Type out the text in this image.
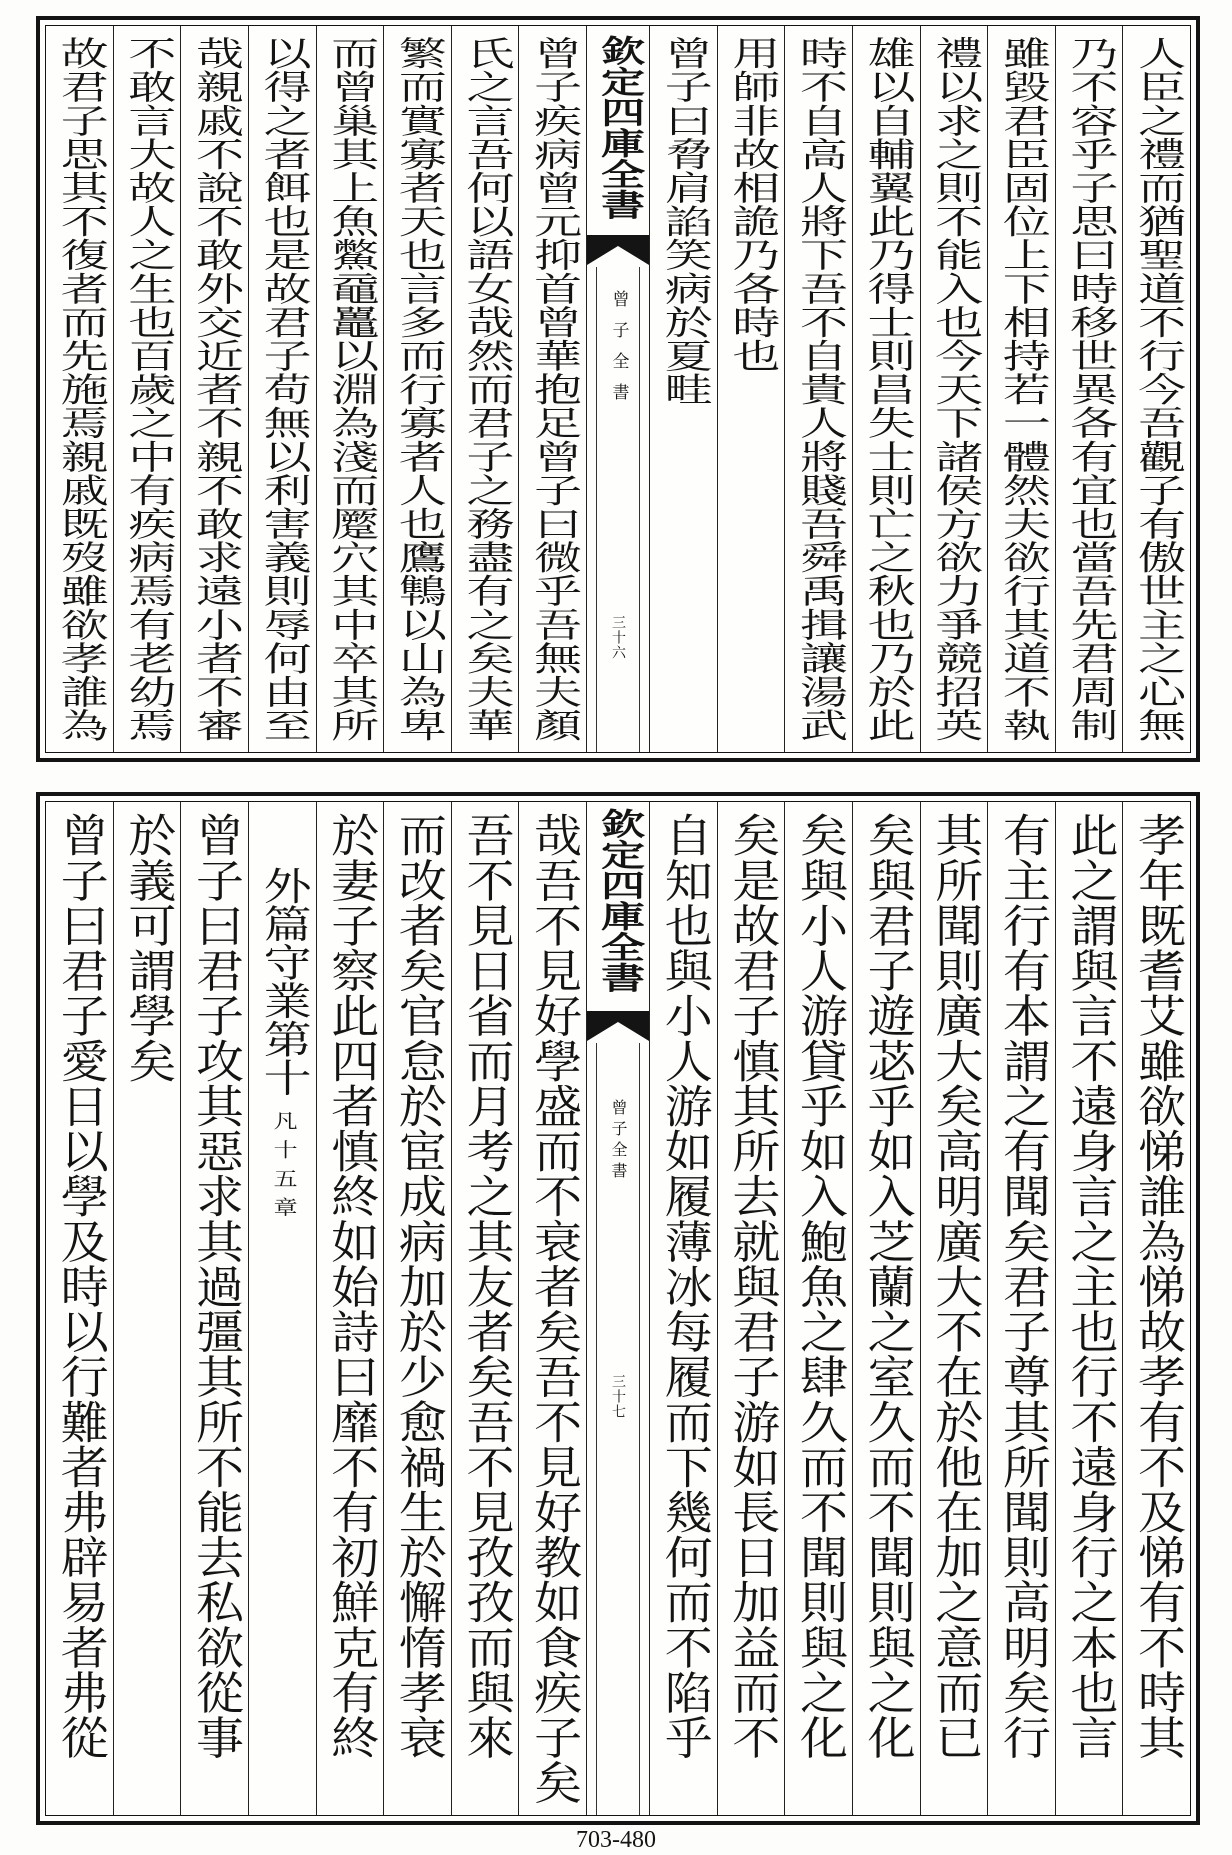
人臣之禮而猶聖道不行今吾觀子有傲世主之心無
乃不容乎子思曰時移世異各有宜也當吾先君周制
雖毀君臣固位上下相持若一體然夫欲行其道不執
禮以求之則不能入也今天下諸侯方欲力爭競招英
雄以自輔翼此乃得士則昌失士則亡之秋也乃於此
時不自高人將下吾不自貴人將賤吾舜禹揖讓湯武
用師非故相詭乃各時也
曾子曰脅肩諂笑病於夏畦
欽定四庫全書
曾子全書
三十六
曾子疾病曾元抑首曾華抱足曾子曰微乎吾無夫顏
氏之言吾何以語女哉然而君子之務盡有之矣夫華
繁而實寡者天也言多而行寡者人也鷹鶽以山為卑
而曾巢其上魚鱉黿鼉以淵為淺而蹷穴其中卒其所
以得之者餌也是故君子苟無以利害義則辱何由至
哉親戚不說不敢外交近者不親不敢求遠小者不審
不敢言大故人之生也百歲之中有疾病焉有老幼焉
故君子思其不復者而先施焉親戚既歿雖欲孝誰為
孝年既耆艾雖欲悌誰為悌故孝有不及悌有不時其
此之謂與言不遠身言之主也行不遠身行之本也言
有主行有本謂之有聞矣君子尊其所聞則高明矣行
其所聞則廣大矣高明廣大不在於他在加之意而已
矣與君子遊苾乎如入芝蘭之室久而不聞則與之化
矣與小人游貸乎如入鮑魚之肆久而不聞則與之化
矣是故君子慎其所去就與君子游如長日加益而不
自知也與小人游如履薄冰每履而下幾何而不陷乎
欽定四庫全書
曾子全書
三十七
哉吾不見好學盛而不衰者矣吾不見好教如食疾子矣
吾不見日省而月考之其友者矣吾不見孜孜而與來
而改者矣官怠於宦成病加於少愈禍生於懈惰孝衰
於妻子察此四者慎終如始詩曰靡不有初鮮克有終
外篇守業第十凡十五章
曾子曰君子攻其惡求其過彊其所不能去私欲從事
於義可謂學矣
曾子曰君子愛日以學及時以行難者弗辟易者弗從
703-480
